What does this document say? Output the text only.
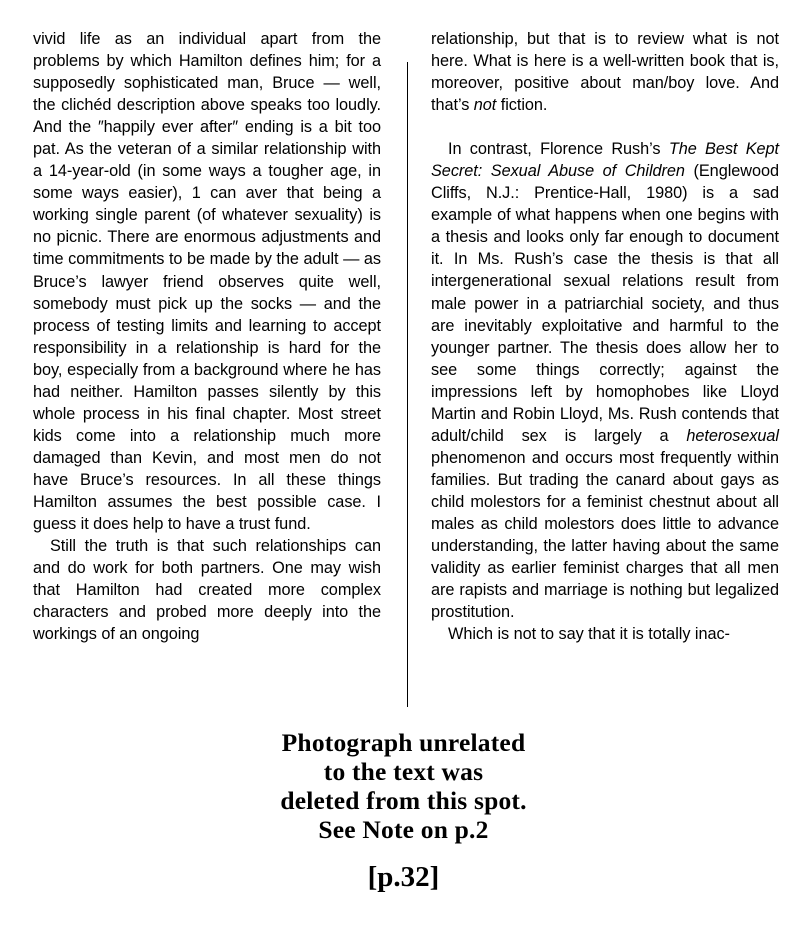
vivid life as an individual apart from the problems by which Hamilton defines him; for a supposedly sophisticated man, Bruce — well, the clichéd description above speaks too loudly. And the ″happily ever after″ ending is a bit too pat. As the veteran of a similar relationship with a 14-year-old (in some ways a tougher age, in some ways easier), 1 can aver that being a working single parent (of whatever sexuality) is no picnic. There are enormous adjustments and time commitments to be made by the adult — as Bruce’s lawyer friend observes quite well, somebody must pick up the socks — and the process of testing limits and learning to accept responsibility in a relationship is hard for the boy, especially from a background where he has had neither. Hamilton passes silently by this whole process in his final chapter. Most street kids come into a relationship much more damaged than Kevin, and most men do not have Bruce’s resources. In all these things Hamilton assumes the best possible case. I guess it does help to have a trust fund.

Still the truth is that such relationships can and do work for both partners. One may wish that Hamilton had created more complex characters and probed more deeply into the workings of an ongoing

relationship, but that is to review what is not here. What is here is a well-written book that is, moreover, positive about man/boy love. And that’s not fiction.

In contrast, Florence Rush’s The Best Kept Secret: Sexual Abuse of Children (Englewood Cliffs, N.J.: Prentice-Hall, 1980) is a sad example of what happens when one begins with a thesis and looks only far enough to document it. In Ms. Rush’s case the thesis is that all intergenerational sexual relations result from male power in a patriarchial society, and thus are inevitably exploitative and harmful to the younger partner. The thesis does allow her to see some things correctly; against the impressions left by homophobes like Lloyd Martin and Robin Lloyd, Ms. Rush contends that adult/child sex is largely a heterosexual phenomenon and occurs most frequently within families. But trading the canard about gays as child molestors for a feminist chestnut about all males as child molestors does little to advance understanding, the latter having about the same validity as earlier feminist charges that all men are rapists and marriage is nothing but legalized prostitution.

Which is not to say that it is totally inac-

Photograph unrelated
to the text was
deleted from this spot.
See Note on p.2
[p.32]
